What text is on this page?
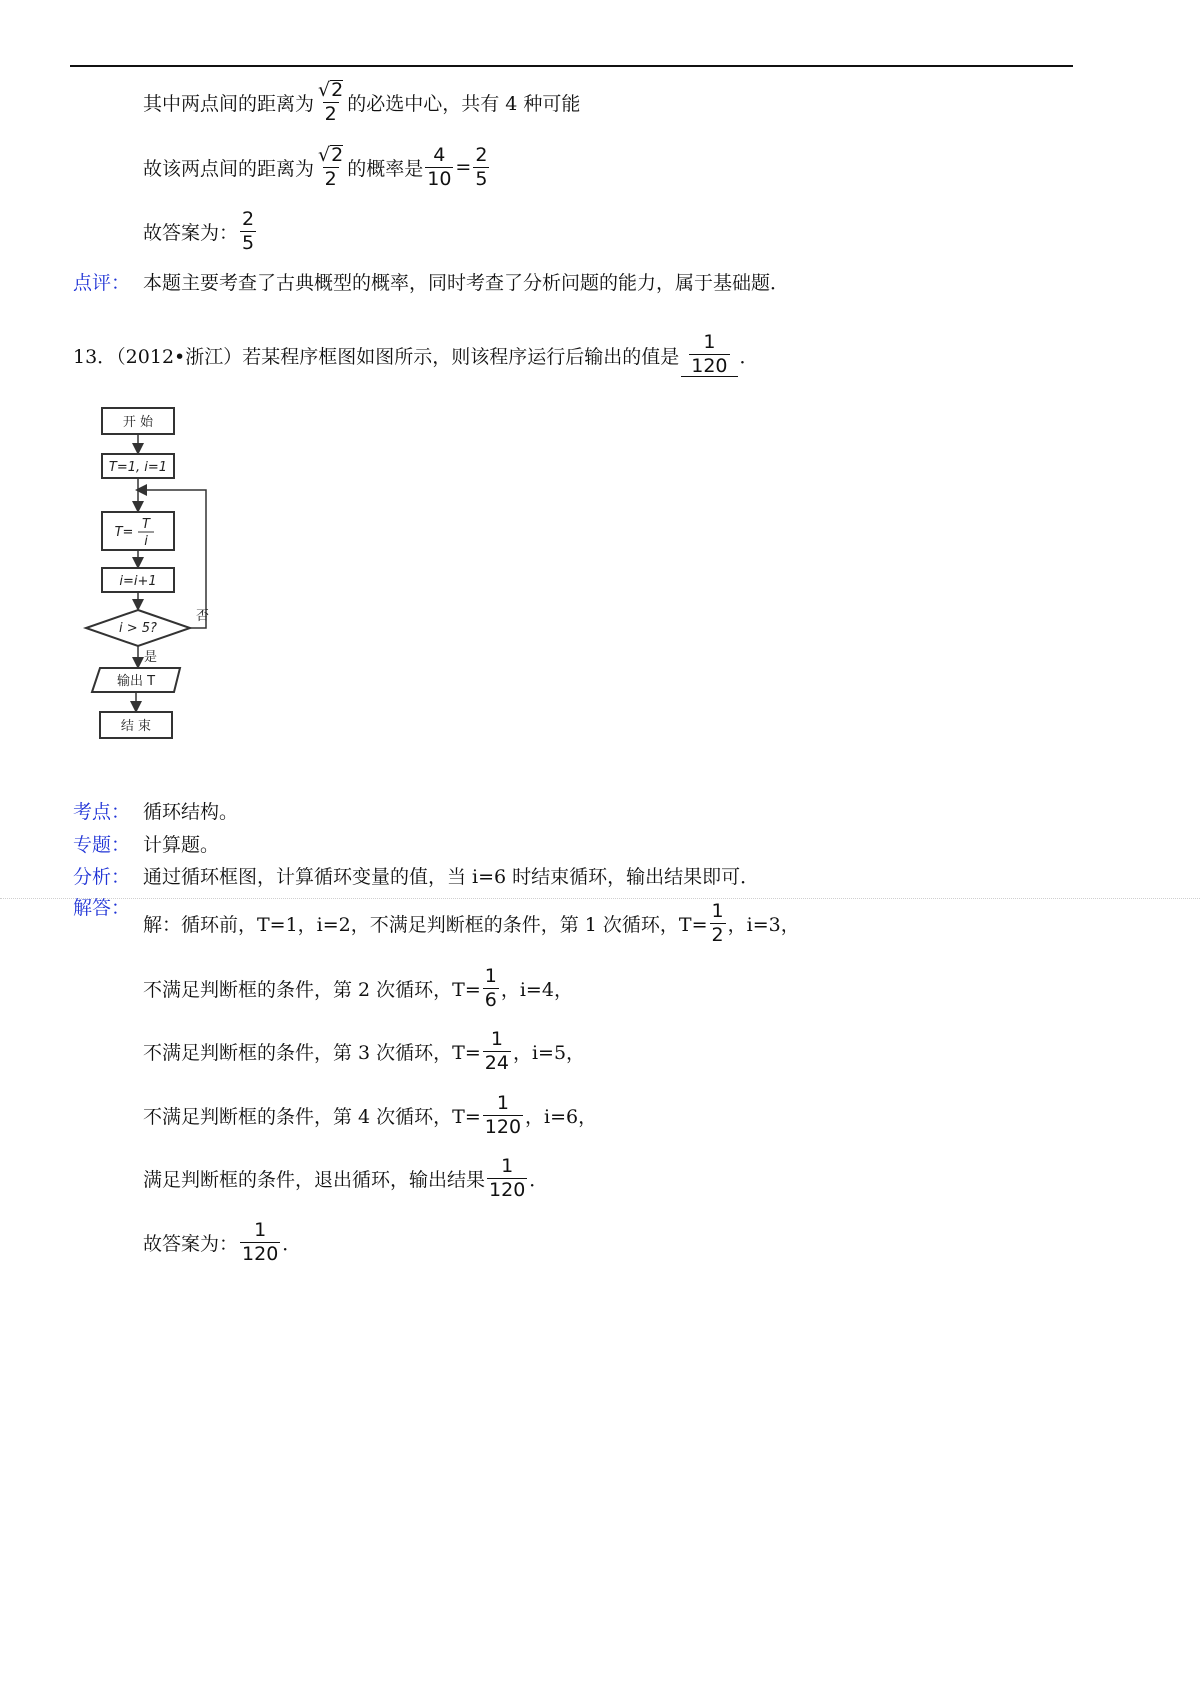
其中两点间的距离为 $\frac{√ 2}{2}$ 的必选中心，共有 4 种可能
故该两点间的距离为 $\frac{√ 2}{2}$ 的概率是 $\frac{4}{10} = \frac{2}{5}$
故答案为： $\frac{2}{5}$
点评： 本题主要考查了古典概型的概率，同时考查了分析问题的能力，属于基础题．
13．（2012•浙江）若某程序框图如图所示，则该程序运行后输出的值是 $\frac{1}{120}$ ．
开 始
T=1, i=1
T=
T
i
i=i+1
i > 5?
否
是
输出 T
结 束
考点： 循环结构。
专题： 计算题。
分析： 通过循环框图，计算循环变量的值，当 i=6 时结束循环，输出结果即可．
解答：
解：循环前，T=1，i=2，不满足判断框的条件，第 1 次循环，$T= \frac{1}{2}$ ，i=3，
不满足判断框的条件，第 2 次循环，$T= \frac{1}{6}$ ，i=4，
不满足判断框的条件，第 3 次循环，$T= \frac{1}{24}$ ，i=5，
不满足判断框的条件，第 4 次循环，$T= \frac{1}{120}$ ，i=6，
满足判断框的条件，退出循环，输出结果 $\frac{1}{120}$ ．
故答案为： $\frac{1}{120}$ ．
